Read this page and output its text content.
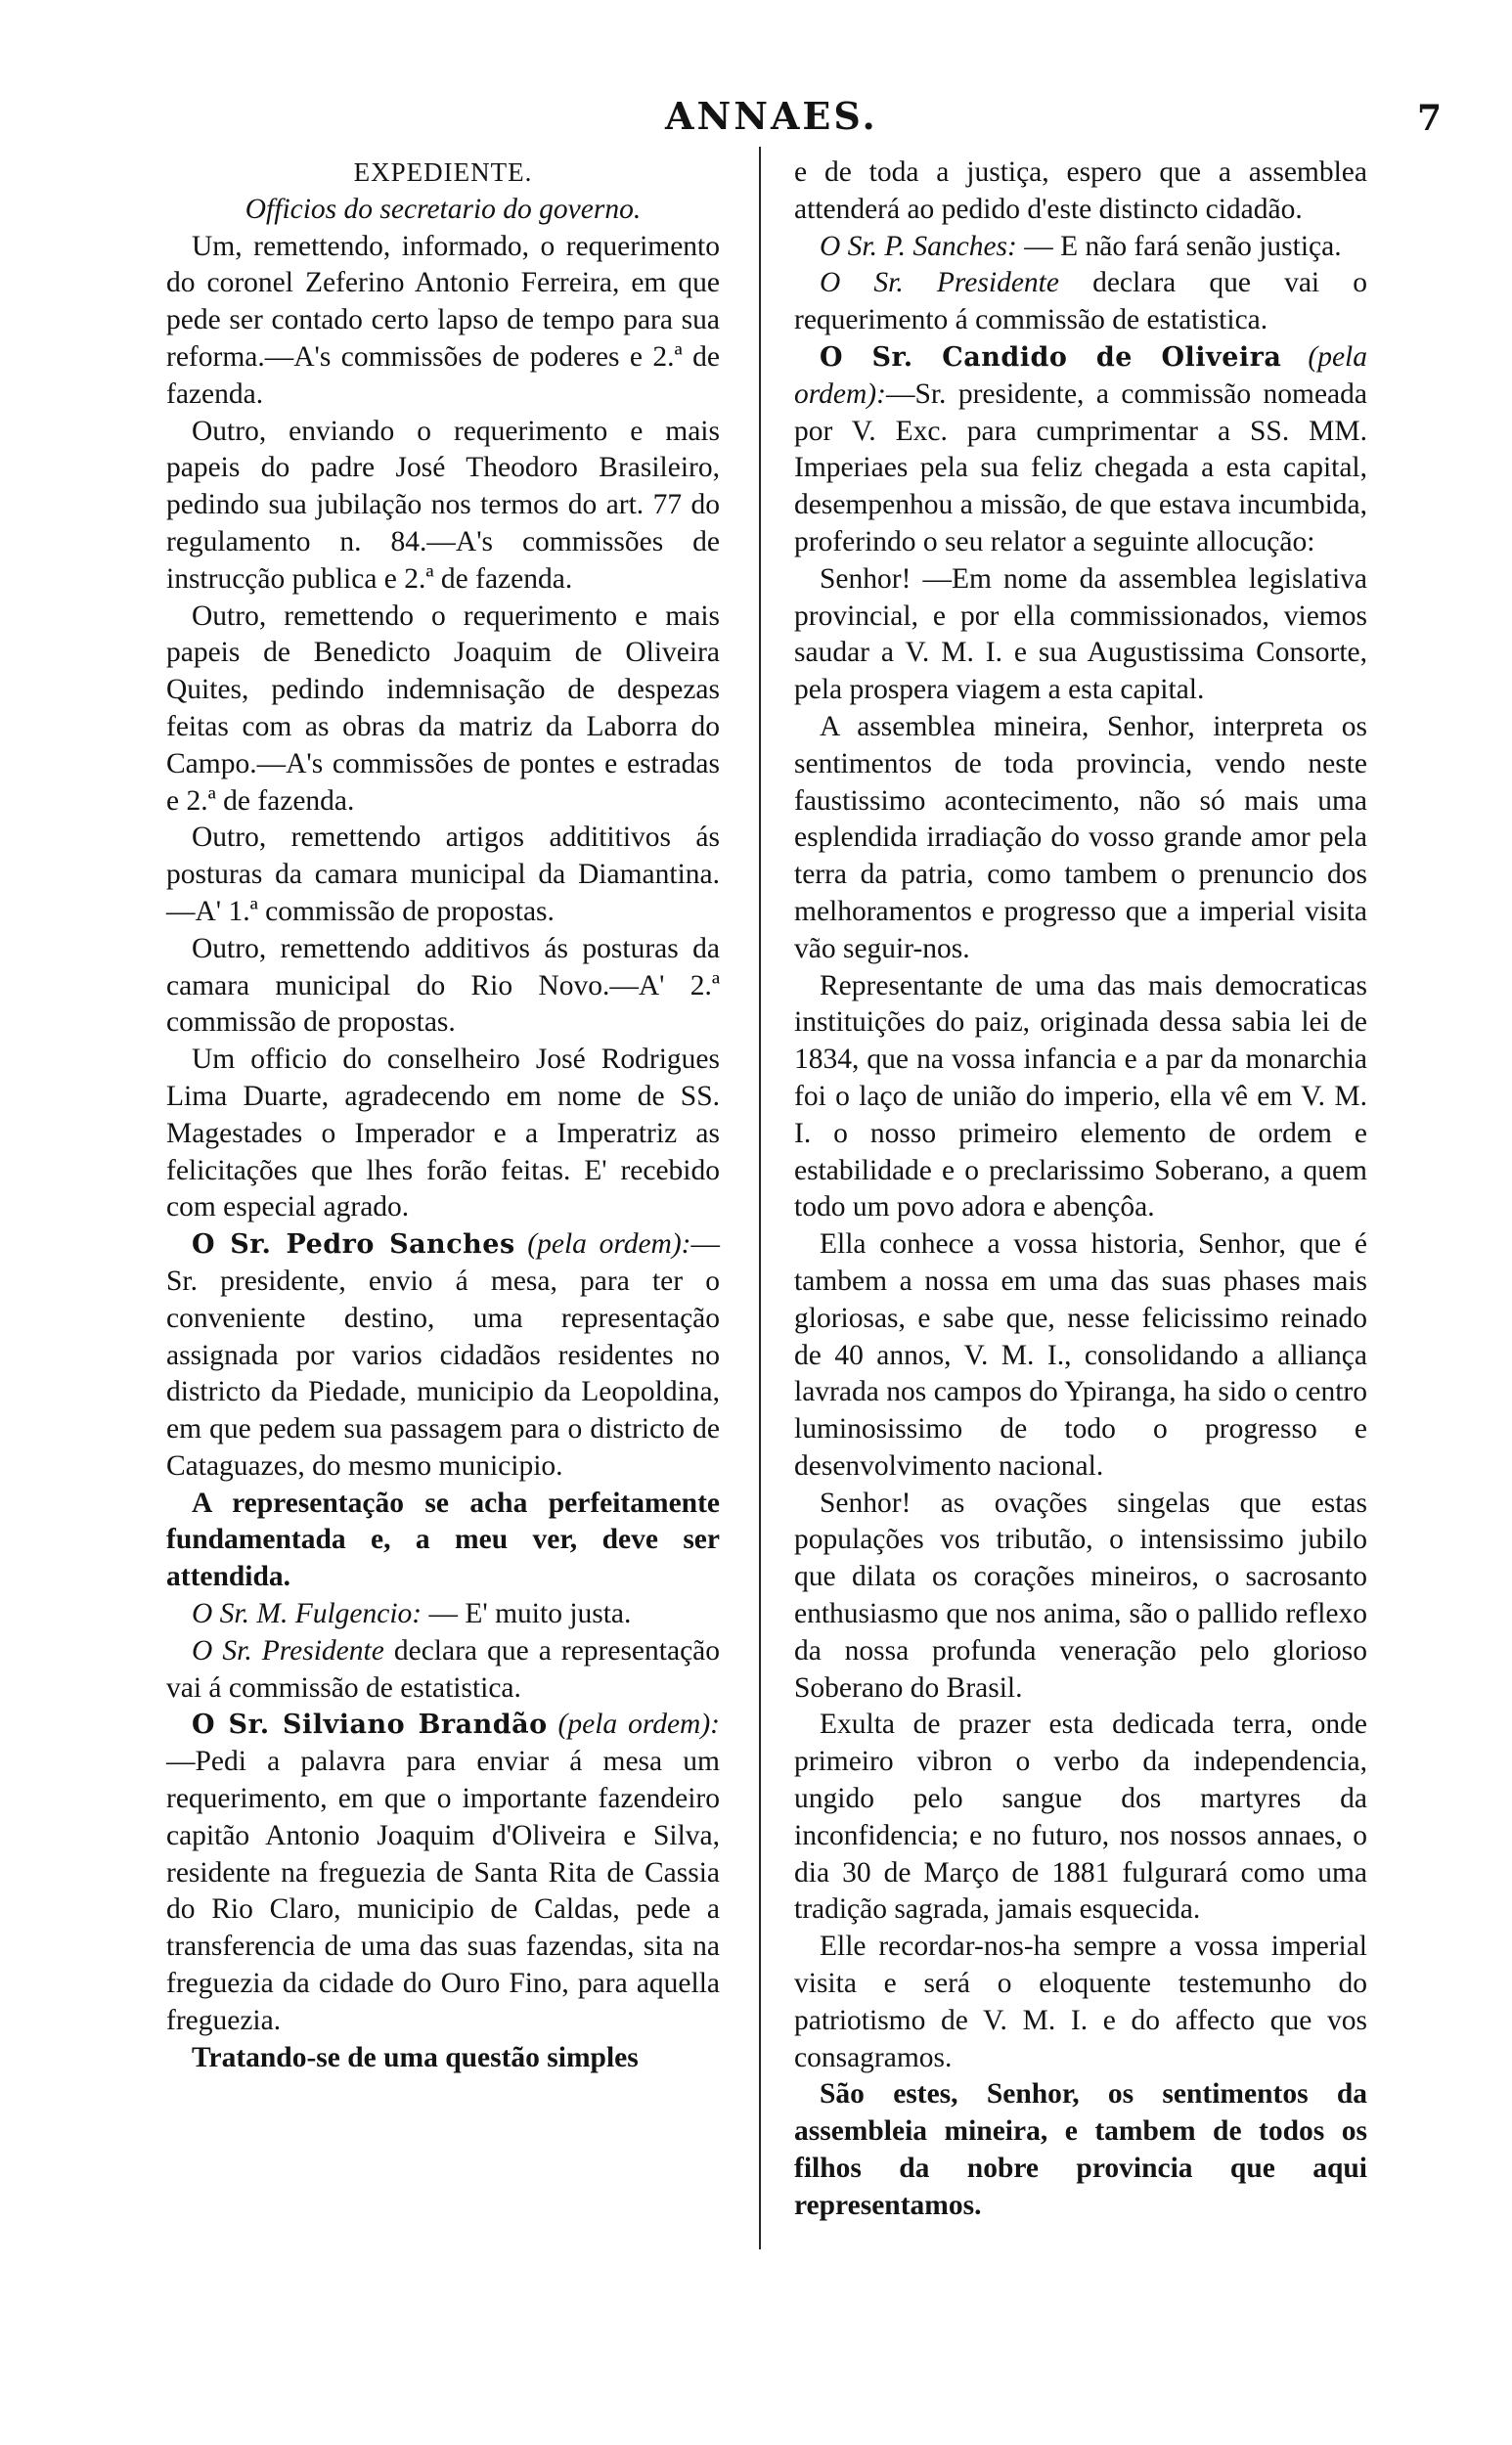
ANNAES.	7

EXPEDIENTE.

Officios do secretario do governo.

Um, remettendo, informado, o requerimento do coronel Zeferino Antonio Ferreira, em que pede ser contado certo lapso de tempo para sua reforma.—A's commissões de poderes e 2.ª de fazenda.

Outro, enviando o requerimento e mais papeis do padre José Theodoro Brasileiro, pedindo sua jubilação nos termos do art. 77 do regulamento n. 84.—A's commissões de instrucção publica e 2.ª de fazenda.

Outro, remettendo o requerimento e mais papeis de Benedicto Joaquim de Oliveira Quites, pedindo indemnisação de despezas feitas com as obras da matriz da Laborra do Campo.—A's commissões de pontes e estradas e 2.ª de fazenda.

Outro, remettendo artigos addititivos ás posturas da camara municipal da Diamantina.—A' 1.ª commissão de propostas.

Outro, remettendo additivos ás posturas da camara municipal do Rio Novo.—A' 2.ª commissão de propostas.

Um officio do conselheiro José Rodrigues Lima Duarte, agradecendo em nome de SS. Magestades o Imperador e a Imperatriz as felicitações que lhes forão feitas. E' recebido com especial agrado.

O Sr. Pedro Sanches (pela ordem):—Sr. presidente, envio á mesa, para ter o conveniente destino, uma representação assignada por varios cidadãos residentes no districto da Piedade, municipio da Leopoldina, em que pedem sua passagem para o districto de Cataguazes, do mesmo municipio.

A representação se acha perfeitamente fundamentada e, a meu ver, deve ser attendida.

O Sr. M. Fulgencio: — E' muito justa.

O Sr. Presidente declara que a representação vai á commissão de estatistica.

O Sr. Silviano Brandão (pela ordem):—Pedi a palavra para enviar á mesa um requerimento, em que o importante fazendeiro capitão Antonio Joaquim d'Oliveira e Silva, residente na freguezia de Santa Rita de Cassia do Rio Claro, municipio de Caldas, pede a transferencia de uma das suas fazendas, sita na freguezia da cidade do Ouro Fino, para aquella freguezia.

Tratando-se de uma questão simples

e de toda a justiça, espero que a assemblea attenderá ao pedido d'este distincto cidadão.

O Sr. P. Sanches: — E não fará senão justiça.

O Sr. Presidente declara que vai o requerimento á commissão de estatistica.

O Sr. Candido de Oliveira (pela ordem):—Sr. presidente, a commissão nomeada por V. Exc. para cumprimentar a SS. MM. Imperiaes pela sua feliz chegada a esta capital, desempenhou a missão, de que estava incumbida, proferindo o seu relator a seguinte allocução:

Senhor! —Em nome da assemblea legislativa provincial, e por ella commissionados, viemos saudar a V. M. I. e sua Augustissima Consorte, pela prospera viagem a esta capital.

A assemblea mineira, Senhor, interpreta os sentimentos de toda provincia, vendo neste faustissimo acontecimento, não só mais uma esplendida irradiação do vosso grande amor pela terra da patria, como tambem o prenuncio dos melhoramentos e progresso que a imperial visita vão seguir-nos.

Representante de uma das mais democraticas instituições do paiz, originada dessa sabia lei de 1834, que na vossa infancia e a par da monarchia foi o laço de união do imperio, ella vê em V. M. I. o nosso primeiro elemento de ordem e estabilidade e o preclarissimo Soberano, a quem todo um povo adora e abençôa.

Ella conhece a vossa historia, Senhor, que é tambem a nossa em uma das suas phases mais gloriosas, e sabe que, nesse felicissimo reinado de 40 annos, V. M. I., consolidando a alliança lavrada nos campos do Ypiranga, ha sido o centro luminosissimo de todo o progresso e desenvolvimento nacional.

Senhor! as ovações singelas que estas populações vos tributão, o intensissimo jubilo que dilata os corações mineiros, o sacrosanto enthusiasmo que nos anima, são o pallido reflexo da nossa profunda veneração pelo glorioso Soberano do Brasil.

Exulta de prazer esta dedicada terra, onde primeiro vibron o verbo da independencia, ungido pelo sangue dos martyres da inconfidencia; e no futuro, nos nossos annaes, o dia 30 de Março de 1881 fulgurará como uma tradição sagrada, jamais esquecida.

Elle recordar-nos-ha sempre a vossa imperial visita e será o eloquente testemunho do patriotismo de V. M. I. e do affecto que vos consagramos.

São estes, Senhor, os sentimentos da assembleia mineira, e tambem de todos os filhos da nobre provincia que aqui representamos.
